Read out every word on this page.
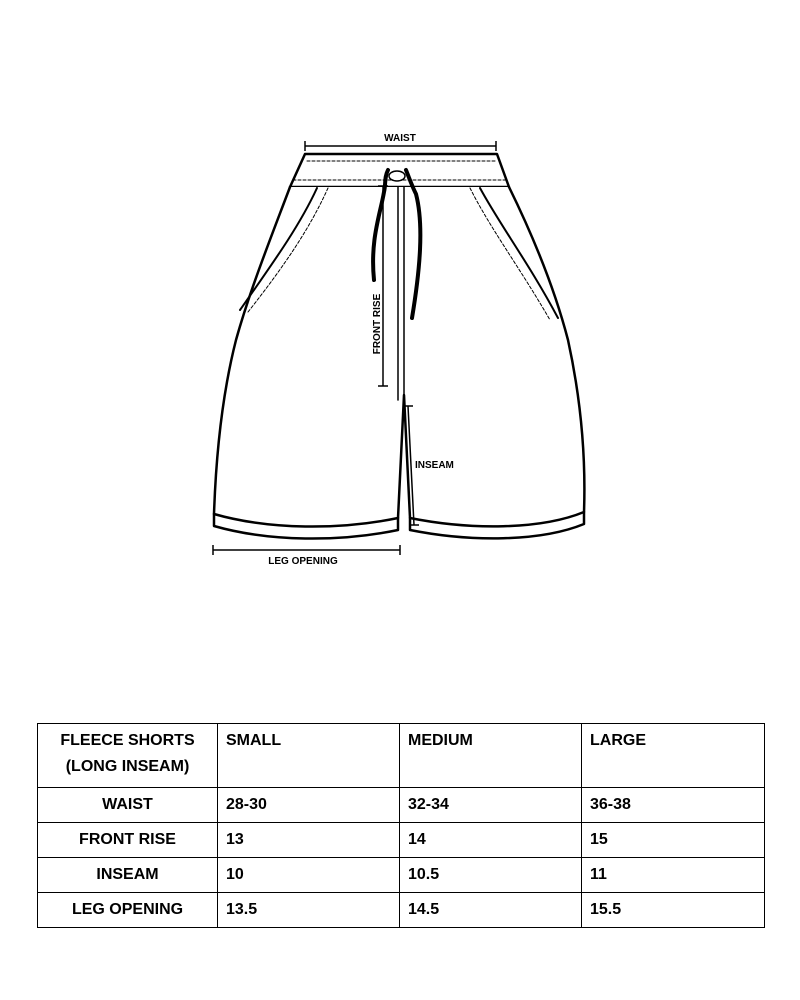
WAIST
FRONT RISE
INSEAM
LEG OPENING
FLEECE SHORTS
(LONG INSEAM)	SMALL	MEDIUM	LARGE
WAIST	28-30	32-34	36-38
FRONT RISE	13	14	15
INSEAM	10	10.5	11
LEG OPENING	13.5	14.5	15.5
